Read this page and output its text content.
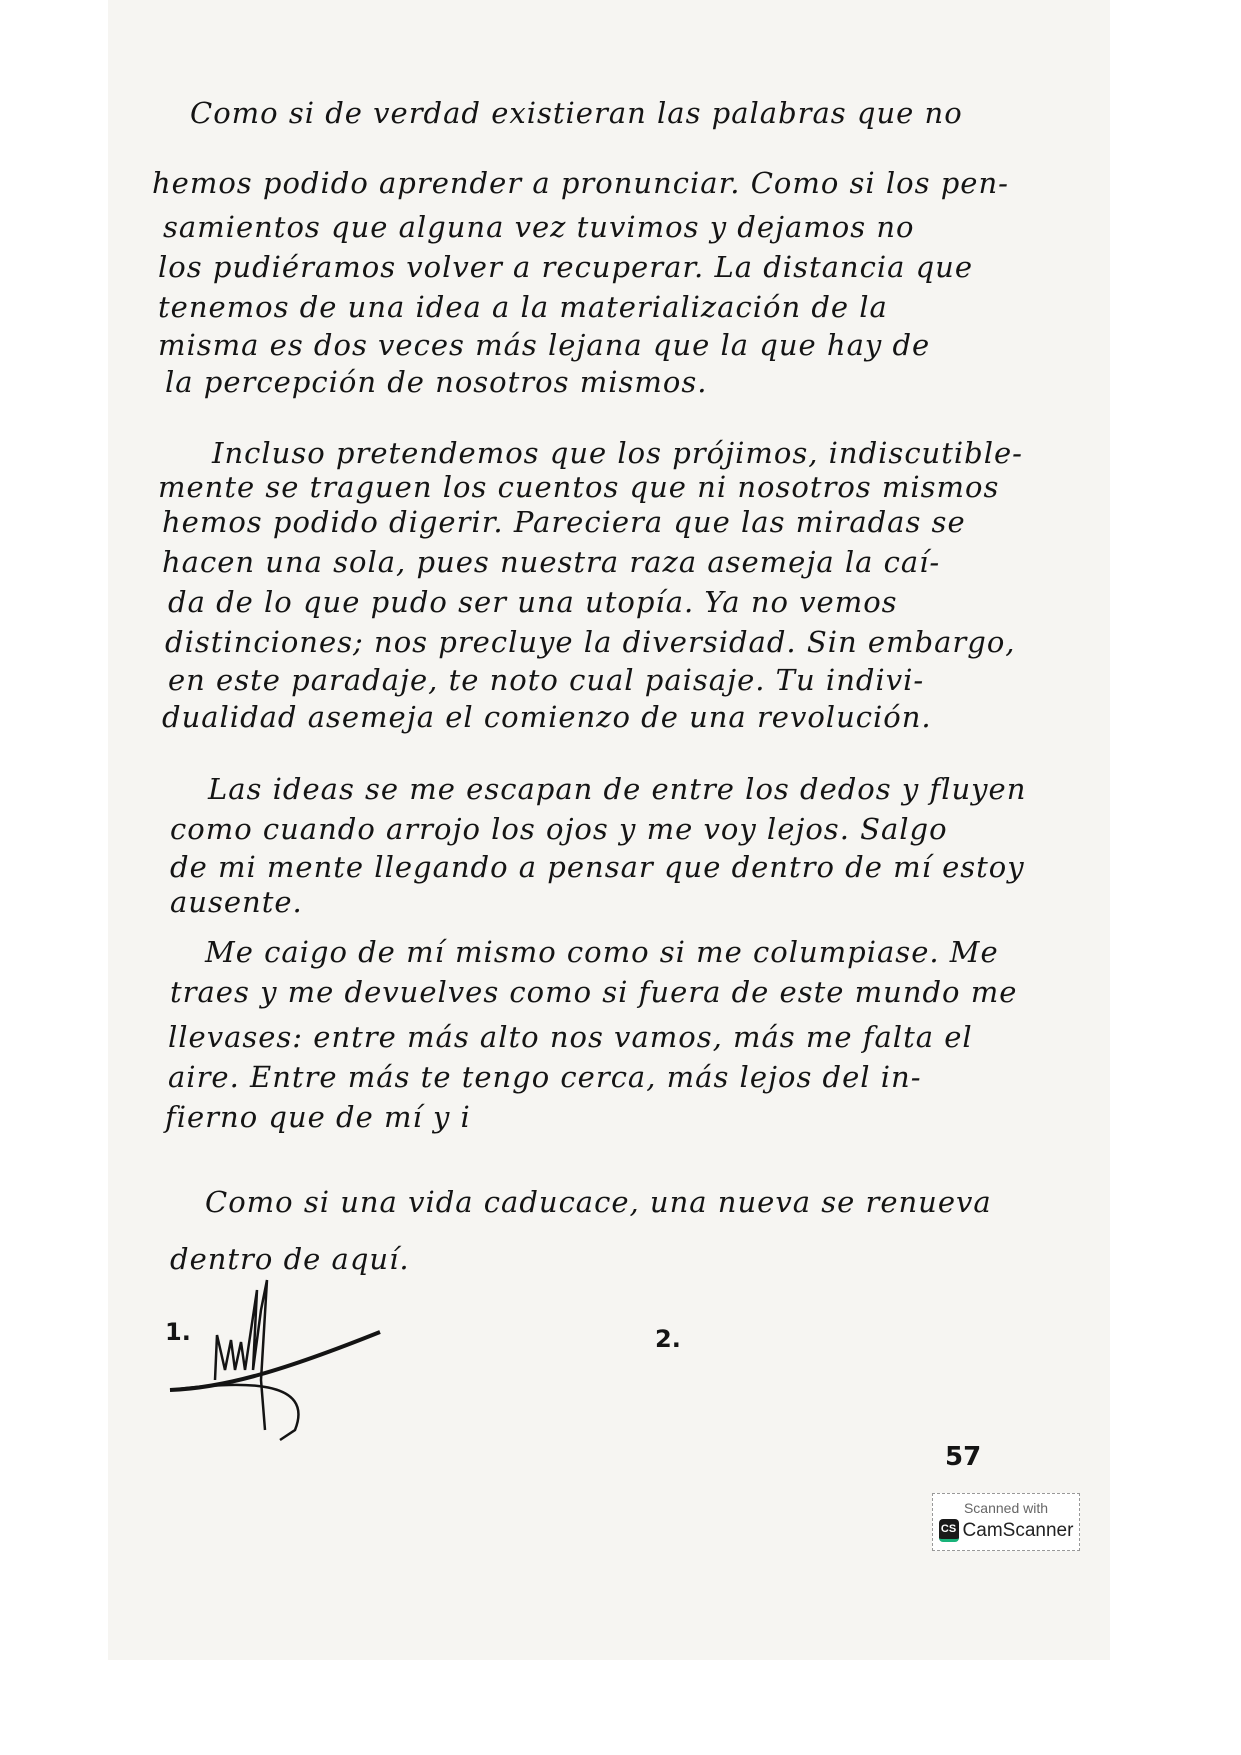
Como si de verdad existieran las palabras que no
hemos podido aprender a pronunciar. Como si los pen-
samientos que alguna vez tuvimos y dejamos no
los pudiéramos volver a recuperar. La distancia que
tenemos de una idea a la materialización de la
misma es dos veces más lejana que la que hay de
la percepción de nosotros mismos.
Incluso pretendemos que los prójimos, indiscutible-
mente se traguen los cuentos que ni nosotros mismos
hemos podido digerir. Pareciera que las miradas se
hacen una sola, pues nuestra raza asemeja la caí-
da de lo que pudo ser una utopía. Ya no vemos
distinciones; nos precluye la diversidad. Sin embargo,
en este paradaje, te noto cual paisaje. Tu indivi-
dualidad asemeja el comienzo de una revolución.
Las ideas se me escapan de entre los dedos y fluyen
como cuando arrojo los ojos y me voy lejos. Salgo
de mi mente llegando a pensar que dentro de mí estoy
ausente.
Me caigo de mí mismo como si me columpiase. Me
traes y me devuelves como si fuera de este mundo me
llevases: entre más alto nos vamos, más me falta el
aire. Entre más te tengo cerca, más lejos del in-
fierno que de mí y i
Como si una vida caducace, una nueva se renueva
dentro de aquí.
1.	2.
57
Scanned with
CS CamScanner
